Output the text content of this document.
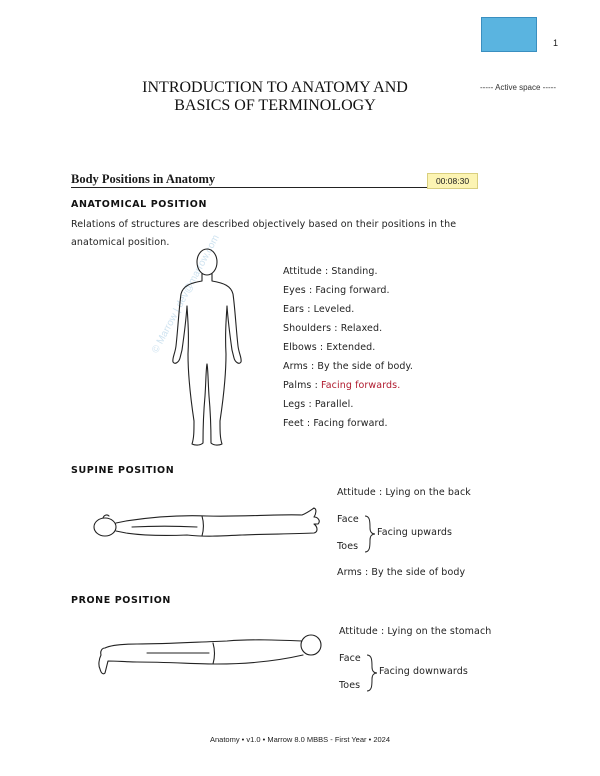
1
INTRODUCTION TO ANATOMY AND
BASICS OF TERMINOLOGY
----- Active space -----
Body Positions in Anatomy	00:08:30
© Marrow | dev@marrow.com
ANATOMICAL POSITION
Relations of structures are described objectively based on their positions in the anatomical position.
Attitude : Standing.
Eyes : Facing forward.
Ears : Leveled.
Shoulders : Relaxed.
Elbows : Extended.
Arms : By the side of body.
Palms : Facing forwards.
Legs : Parallel.
Feet : Facing forward.
SUPINE POSITION
Attitude : Lying on the back
Face
Toes
Facing upwards
Arms : By the side of body
PRONE POSITION
Attitude : Lying on the stomach
Face
Toes
Facing downwards
Anatomy • v1.0 • Marrow 8.0 MBBS - First Year • 2024
